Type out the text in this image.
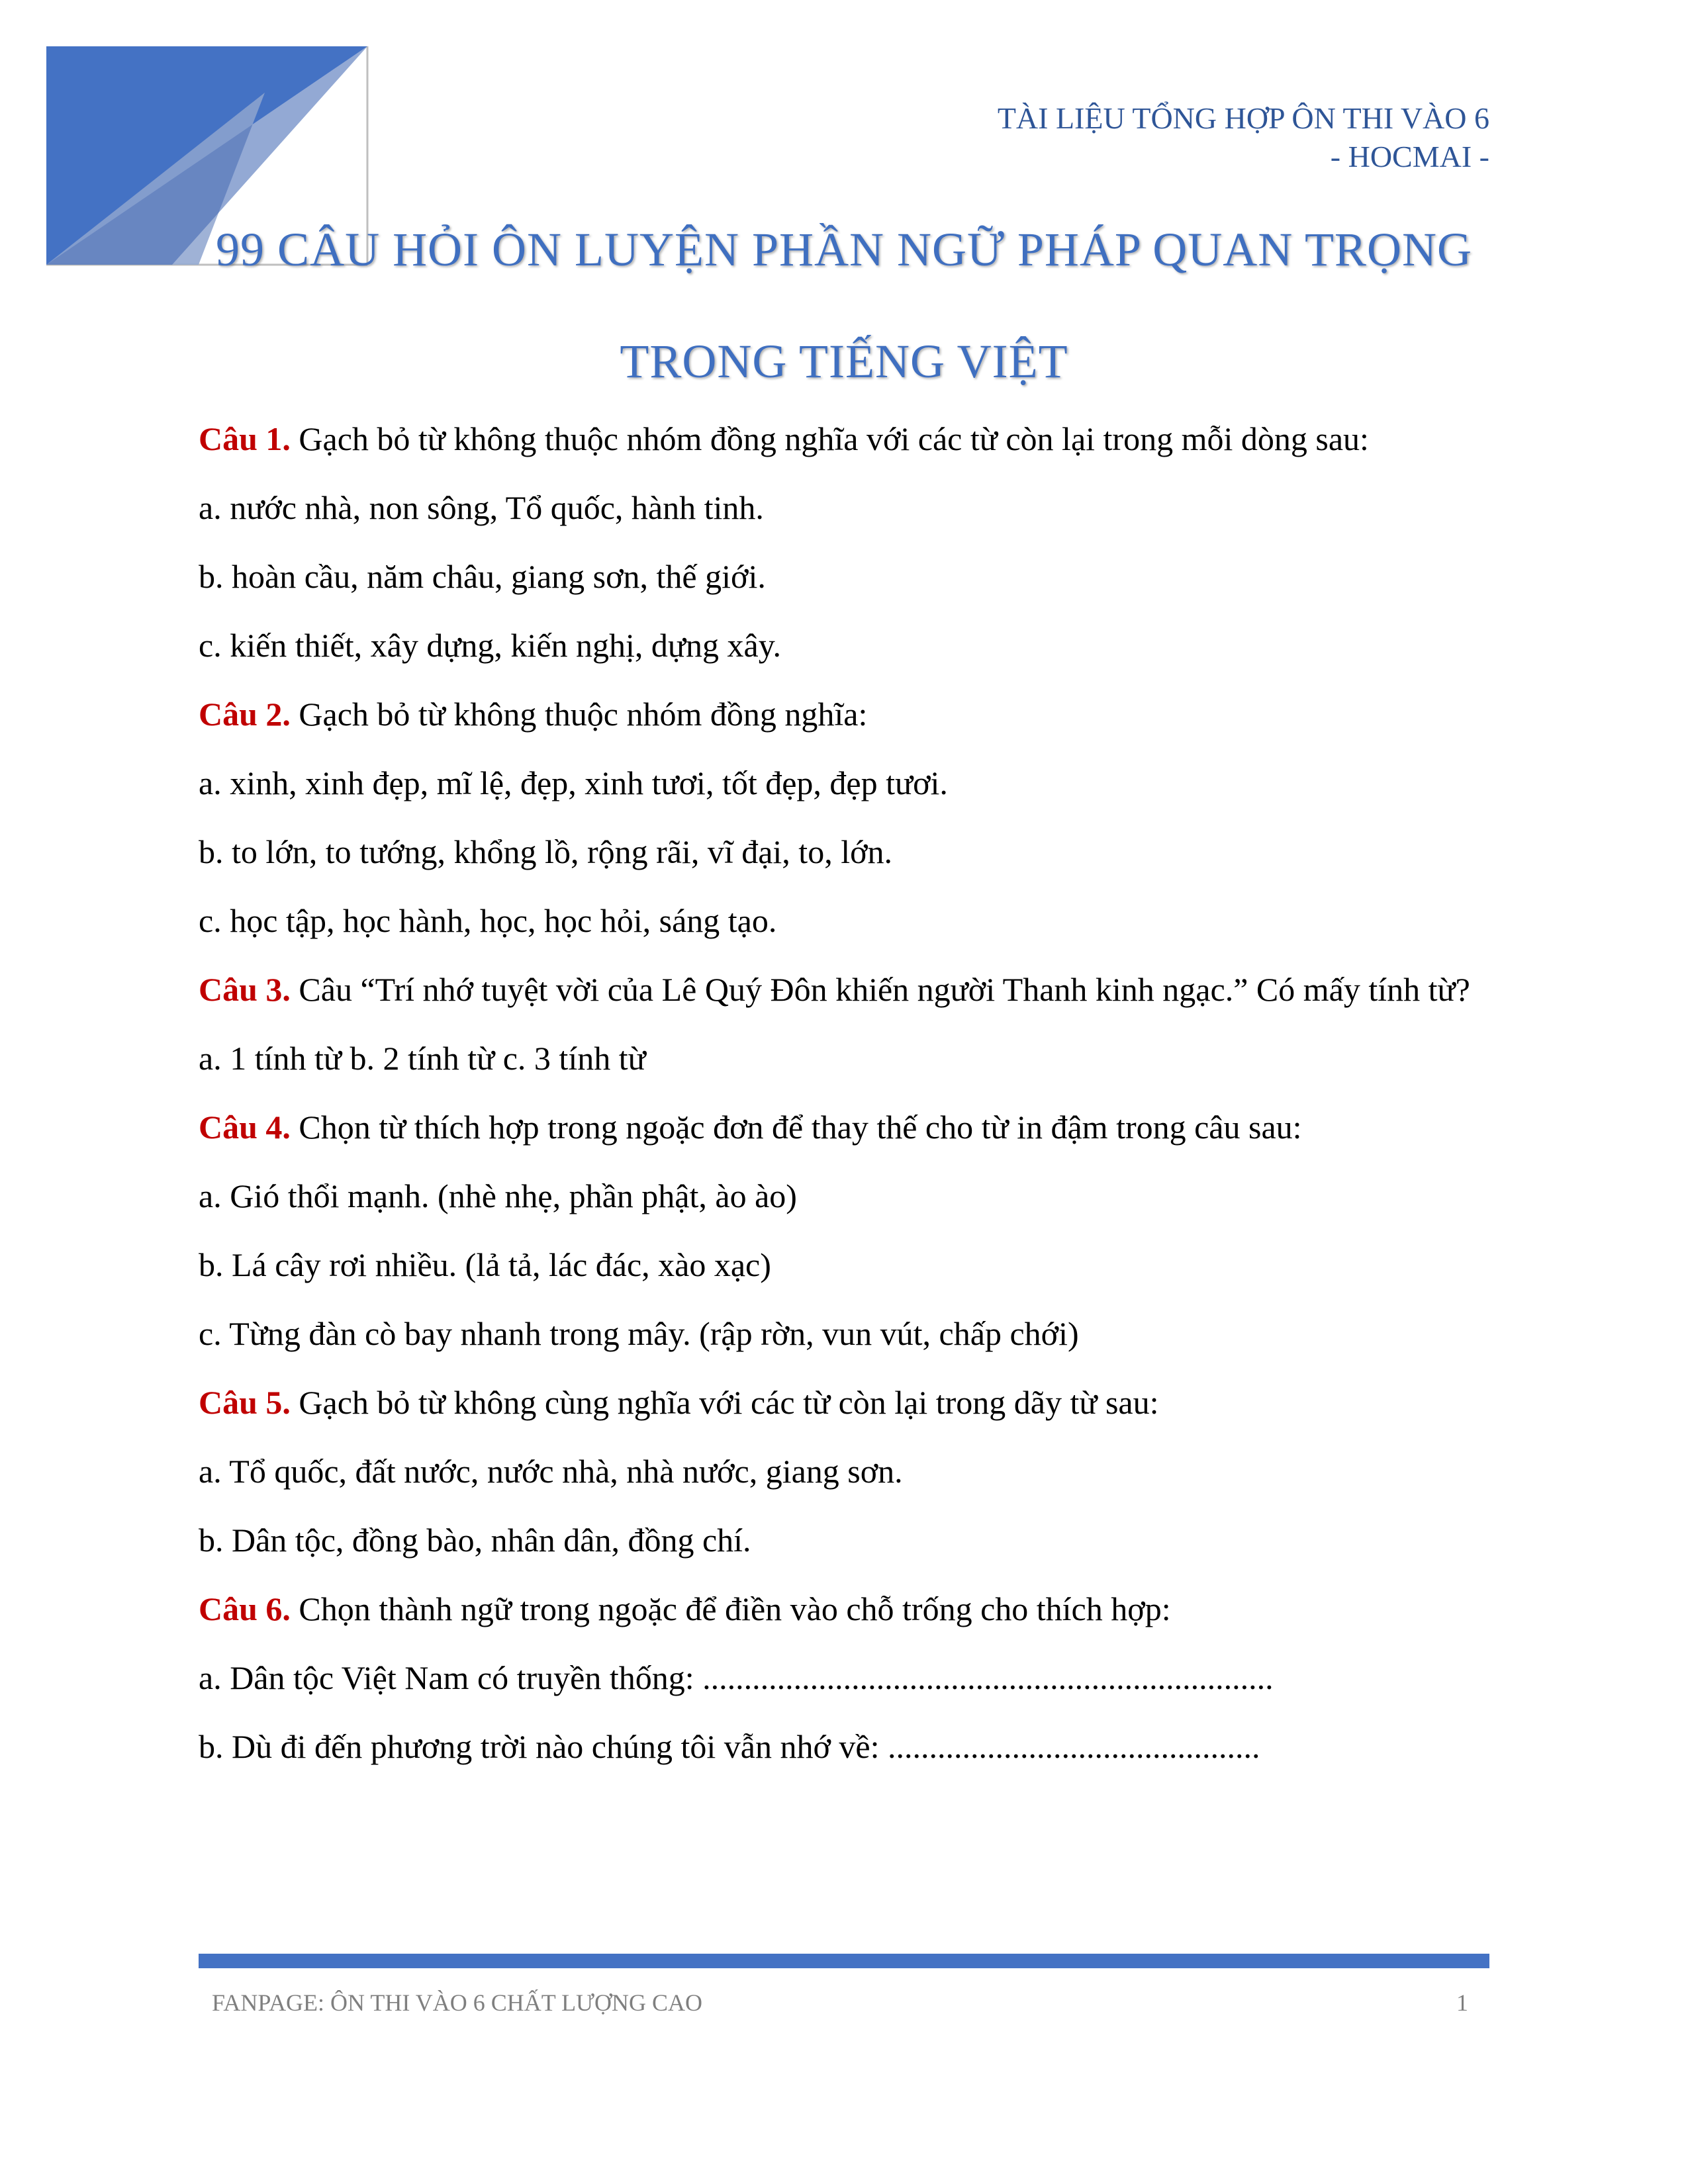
TÀI LIỆU TỔNG HỢP ÔN THI VÀO 6
- HOCMAI -
99 CÂU HỎI ÔN LUYỆN PHẦN NGỮ PHÁP QUAN TRỌNG
TRONG TIẾNG VIỆT

Câu 1. Gạch bỏ từ không thuộc nhóm đồng nghĩa với các từ còn lại trong mỗi dòng sau:

a. nước nhà, non sông, Tổ quốc, hành tinh.

b. hoàn cầu, năm châu, giang sơn, thế giới.

c. kiến thiết, xây dựng, kiến nghị, dựng xây.

Câu 2. Gạch bỏ từ không thuộc nhóm đồng nghĩa:

a. xinh, xinh đẹp, mĩ lệ, đẹp, xinh tươi, tốt đẹp, đẹp tươi.

b. to lớn, to tướng, khổng lồ, rộng rãi, vĩ đại, to, lớn.

c. học tập, học hành, học, học hỏi, sáng tạo.

Câu 3. Câu “Trí nhớ tuyệt vời của Lê Quý Đôn khiến người Thanh kinh ngạc.” Có mấy tính từ?

a. 1 tính từ b. 2 tính từ c. 3 tính từ

Câu 4. Chọn từ thích hợp trong ngoặc đơn để thay thế cho từ in đậm trong câu sau:

a. Gió thổi mạnh. (nhè nhẹ, phần phật, ào ào)

b. Lá cây rơi nhiều. (lả tả, lác đác, xào xạc)

c. Từng đàn cò bay nhanh trong mây. (rập rờn, vun vút, chấp chới)

Câu 5. Gạch bỏ từ không cùng nghĩa với các từ còn lại trong dãy từ sau:

a. Tổ quốc, đất nước, nước nhà, nhà nước, giang sơn.

b. Dân tộc, đồng bào, nhân dân, đồng chí.

Câu 6. Chọn thành ngữ trong ngoặc để điền vào chỗ trống cho thích hợp:

a. Dân tộc Việt Nam có truyền thống: .....................................................................

b. Dù đi đến phương trời nào chúng tôi vẫn nhớ về: .............................................

FANPAGE: ÔN THI VÀO 6 CHẤT LƯỢNG CAO	1
